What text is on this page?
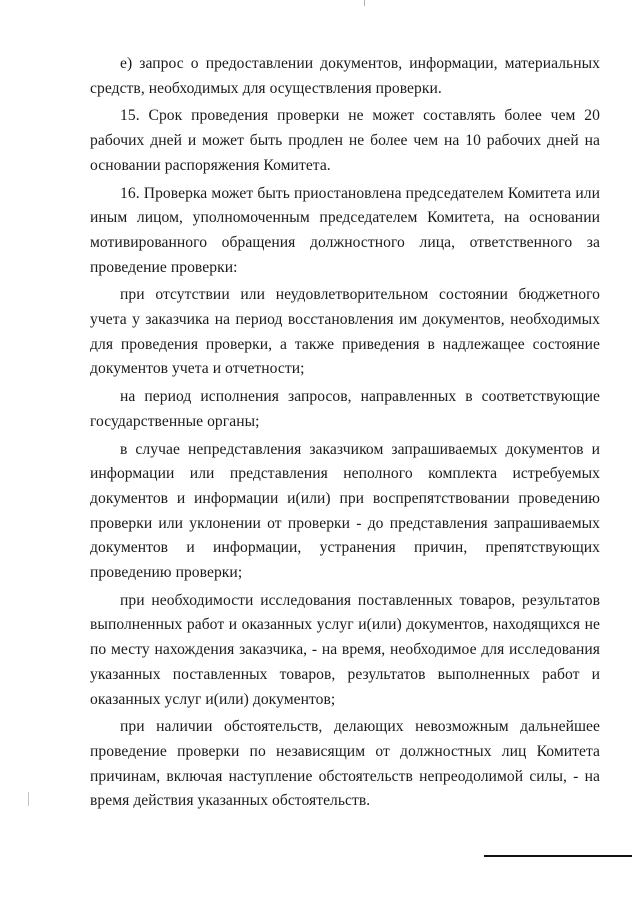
е) запрос о предоставлении документов, информации, материальных средств, необходимых для осуществления проверки.

15. Срок проведения проверки не может составлять более чем 20 рабочих дней и может быть продлен не более чем на 10 рабочих дней на основании распоряжения Комитета.

16. Проверка может быть приостановлена председателем Комитета или иным лицом, уполномоченным председателем Комитета, на основании мотивированного обращения должностного лица, ответственного за проведение проверки:

при отсутствии или неудовлетворительном состоянии бюджетного учета у заказчика на период восстановления им документов, необходимых для проведения проверки, а также приведения в надлежащее состояние документов учета и отчетности;

на период исполнения запросов, направленных в соответствующие государственные органы;

в случае непредставления заказчиком запрашиваемых документов и информации или представления неполного комплекта истребуемых документов и информации и(или) при воспрепятствовании проведению проверки или уклонении от проверки - до представления запрашиваемых документов и информации, устранения причин, препятствующих проведению проверки;

при необходимости исследования поставленных товаров, результатов выполненных работ и оказанных услуг и(или) документов, находящихся не по месту нахождения заказчика, - на время, необходимое для исследования указанных поставленных товаров, результатов выполненных работ и оказанных услуг и(или) документов;

при наличии обстоятельств, делающих невозможным дальнейшее проведение проверки по независящим от должностных лиц Комитета причинам, включая наступление обстоятельств непреодолимой силы, - на время действия указанных обстоятельств.
